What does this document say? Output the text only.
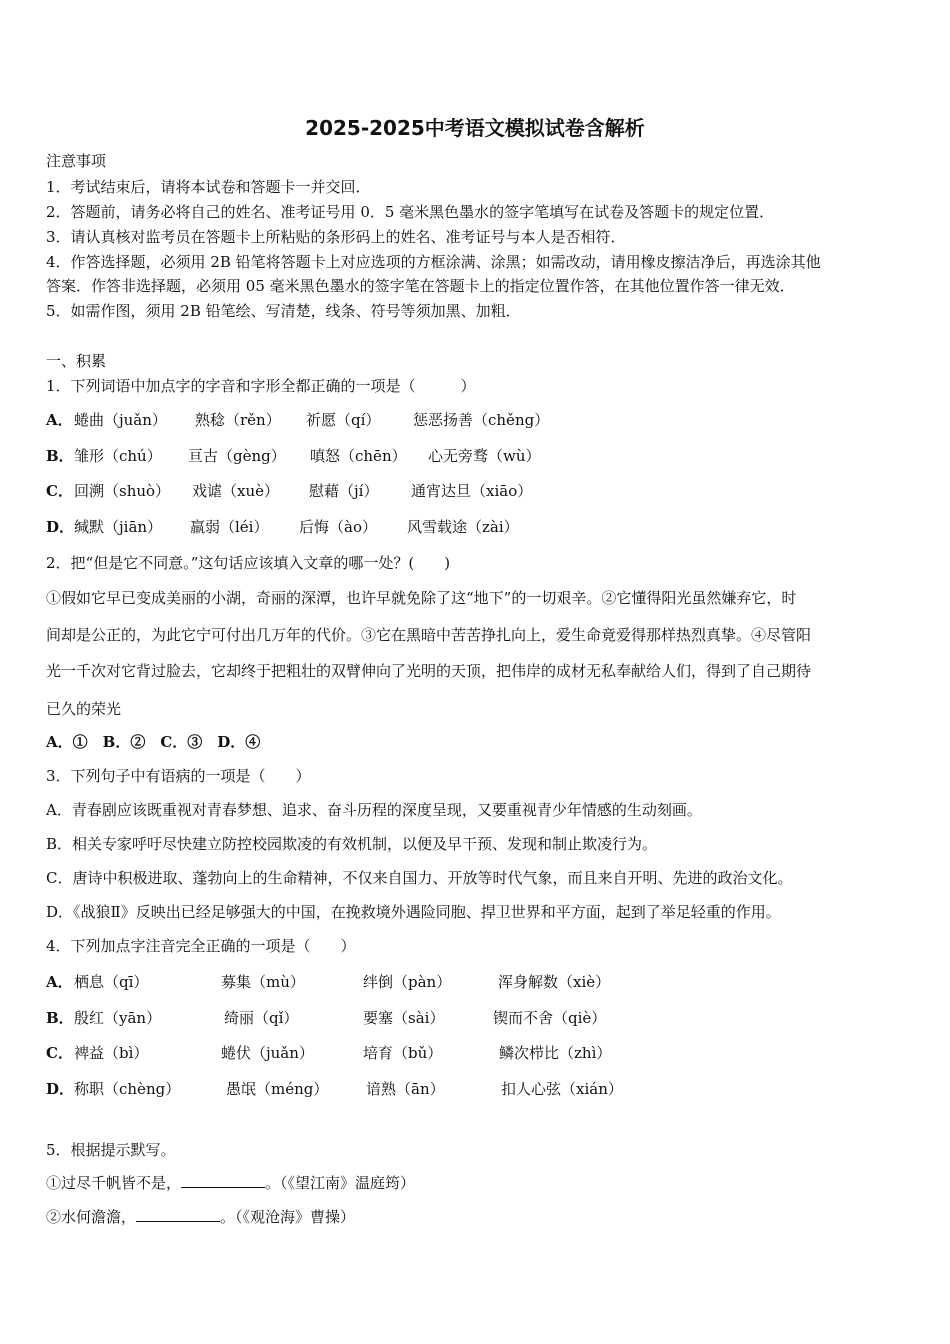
2025-2025中考语文模拟试卷含解析
注意事项
1．考试结束后，请将本试卷和答题卡一并交回．
2．答题前，请务必将自己的姓名、准考证号用 0．5 毫米黑色墨水的签字笔填写在试卷及答题卡的规定位置．
3．请认真核对监考员在答题卡上所粘贴的条形码上的姓名、准考证号与本人是否相符．
4．作答选择题，必须用 2B 铅笔将答题卡上对应选项的方框涂满、涂黑；如需改动，请用橡皮擦洁净后，再选涂其他
答案．作答非选择题，必须用 05 毫米黑色墨水的签字笔在答题卡上的指定位置作答，在其他位置作答一律无效．
5．如需作图，须用 2B 铅笔绘、写清楚，线条、符号等须加黑、加粗．
一、积累
1．下列词语中加点字的字音和字形全都正确的一项是（　　　）
A． 蜷曲（juǎn） 熟稔（rěn） 祈愿（qí） 惩恶扬善（chěng）
B． 雏形（chú） 亘古（gèng） 嗔怒（chēn） 心无旁骛（wù）
C． 回溯（shuò） 戏谑（xuè） 慰藉（jí） 通宵达旦（xiāo）
D． 缄默（jiān） 羸弱（léi） 后悔（ào） 风雪载途（zài）
2．把“但是它不同意。”这句话应该填入文章的哪一处？(　　)
①假如它早已变成美丽的小湖，奇丽的深潭，也许早就免除了这“地下”的一切艰辛。②它懂得阳光虽然嫌弃它，时
间却是公正的，为此它宁可付出几万年的代价。③它在黑暗中苦苦挣扎向上，爱生命竟爱得那样热烈真挚。④尽管阳
光一千次对它背过脸去，它却终于把粗壮的双臂伸向了光明的天顶，把伟岸的成材无私奉献给人们，得到了自己期待
已久的荣光
A．①　B．②　C．③　D．④
3．下列句子中有语病的一项是（　　）
A．青春剧应该既重视对青春梦想、追求、奋斗历程的深度呈现，又要重视青少年情感的生动刻画。
B．相关专家呼吁尽快建立防控校园欺凌的有效机制，以便及早干预、发现和制止欺凌行为。
C．唐诗中积极进取、蓬勃向上的生命精神，不仅来自国力、开放等时代气象，而且来自开明、先进的政治文化。
D．《战狼Ⅱ》反映出已经足够强大的中国，在挽救境外遇险同胞、捍卫世界和平方面，起到了举足轻重的作用。
4．下列加点字注音完全正确的一项是（　　）
A． 栖息（qī）	募集（mù）	绊倒（pàn）	浑身解数（xiè）
B． 殷红（yān）	绮丽（qǐ）	要塞（sài）	锲而不舍（qiè）
C． 裨益（bì）	蜷伏（juǎn）	培育（bǔ）	鳞次栉比（zhì）
D． 称职（chèng）	愚氓（méng）	谙熟（ān）	扣人心弦（xián）
5．根据提示默写。
①过尽千帆皆不是，	。（《望江南》温庭筠）
②水何澹澹，	。（《观沧海》曹操）
